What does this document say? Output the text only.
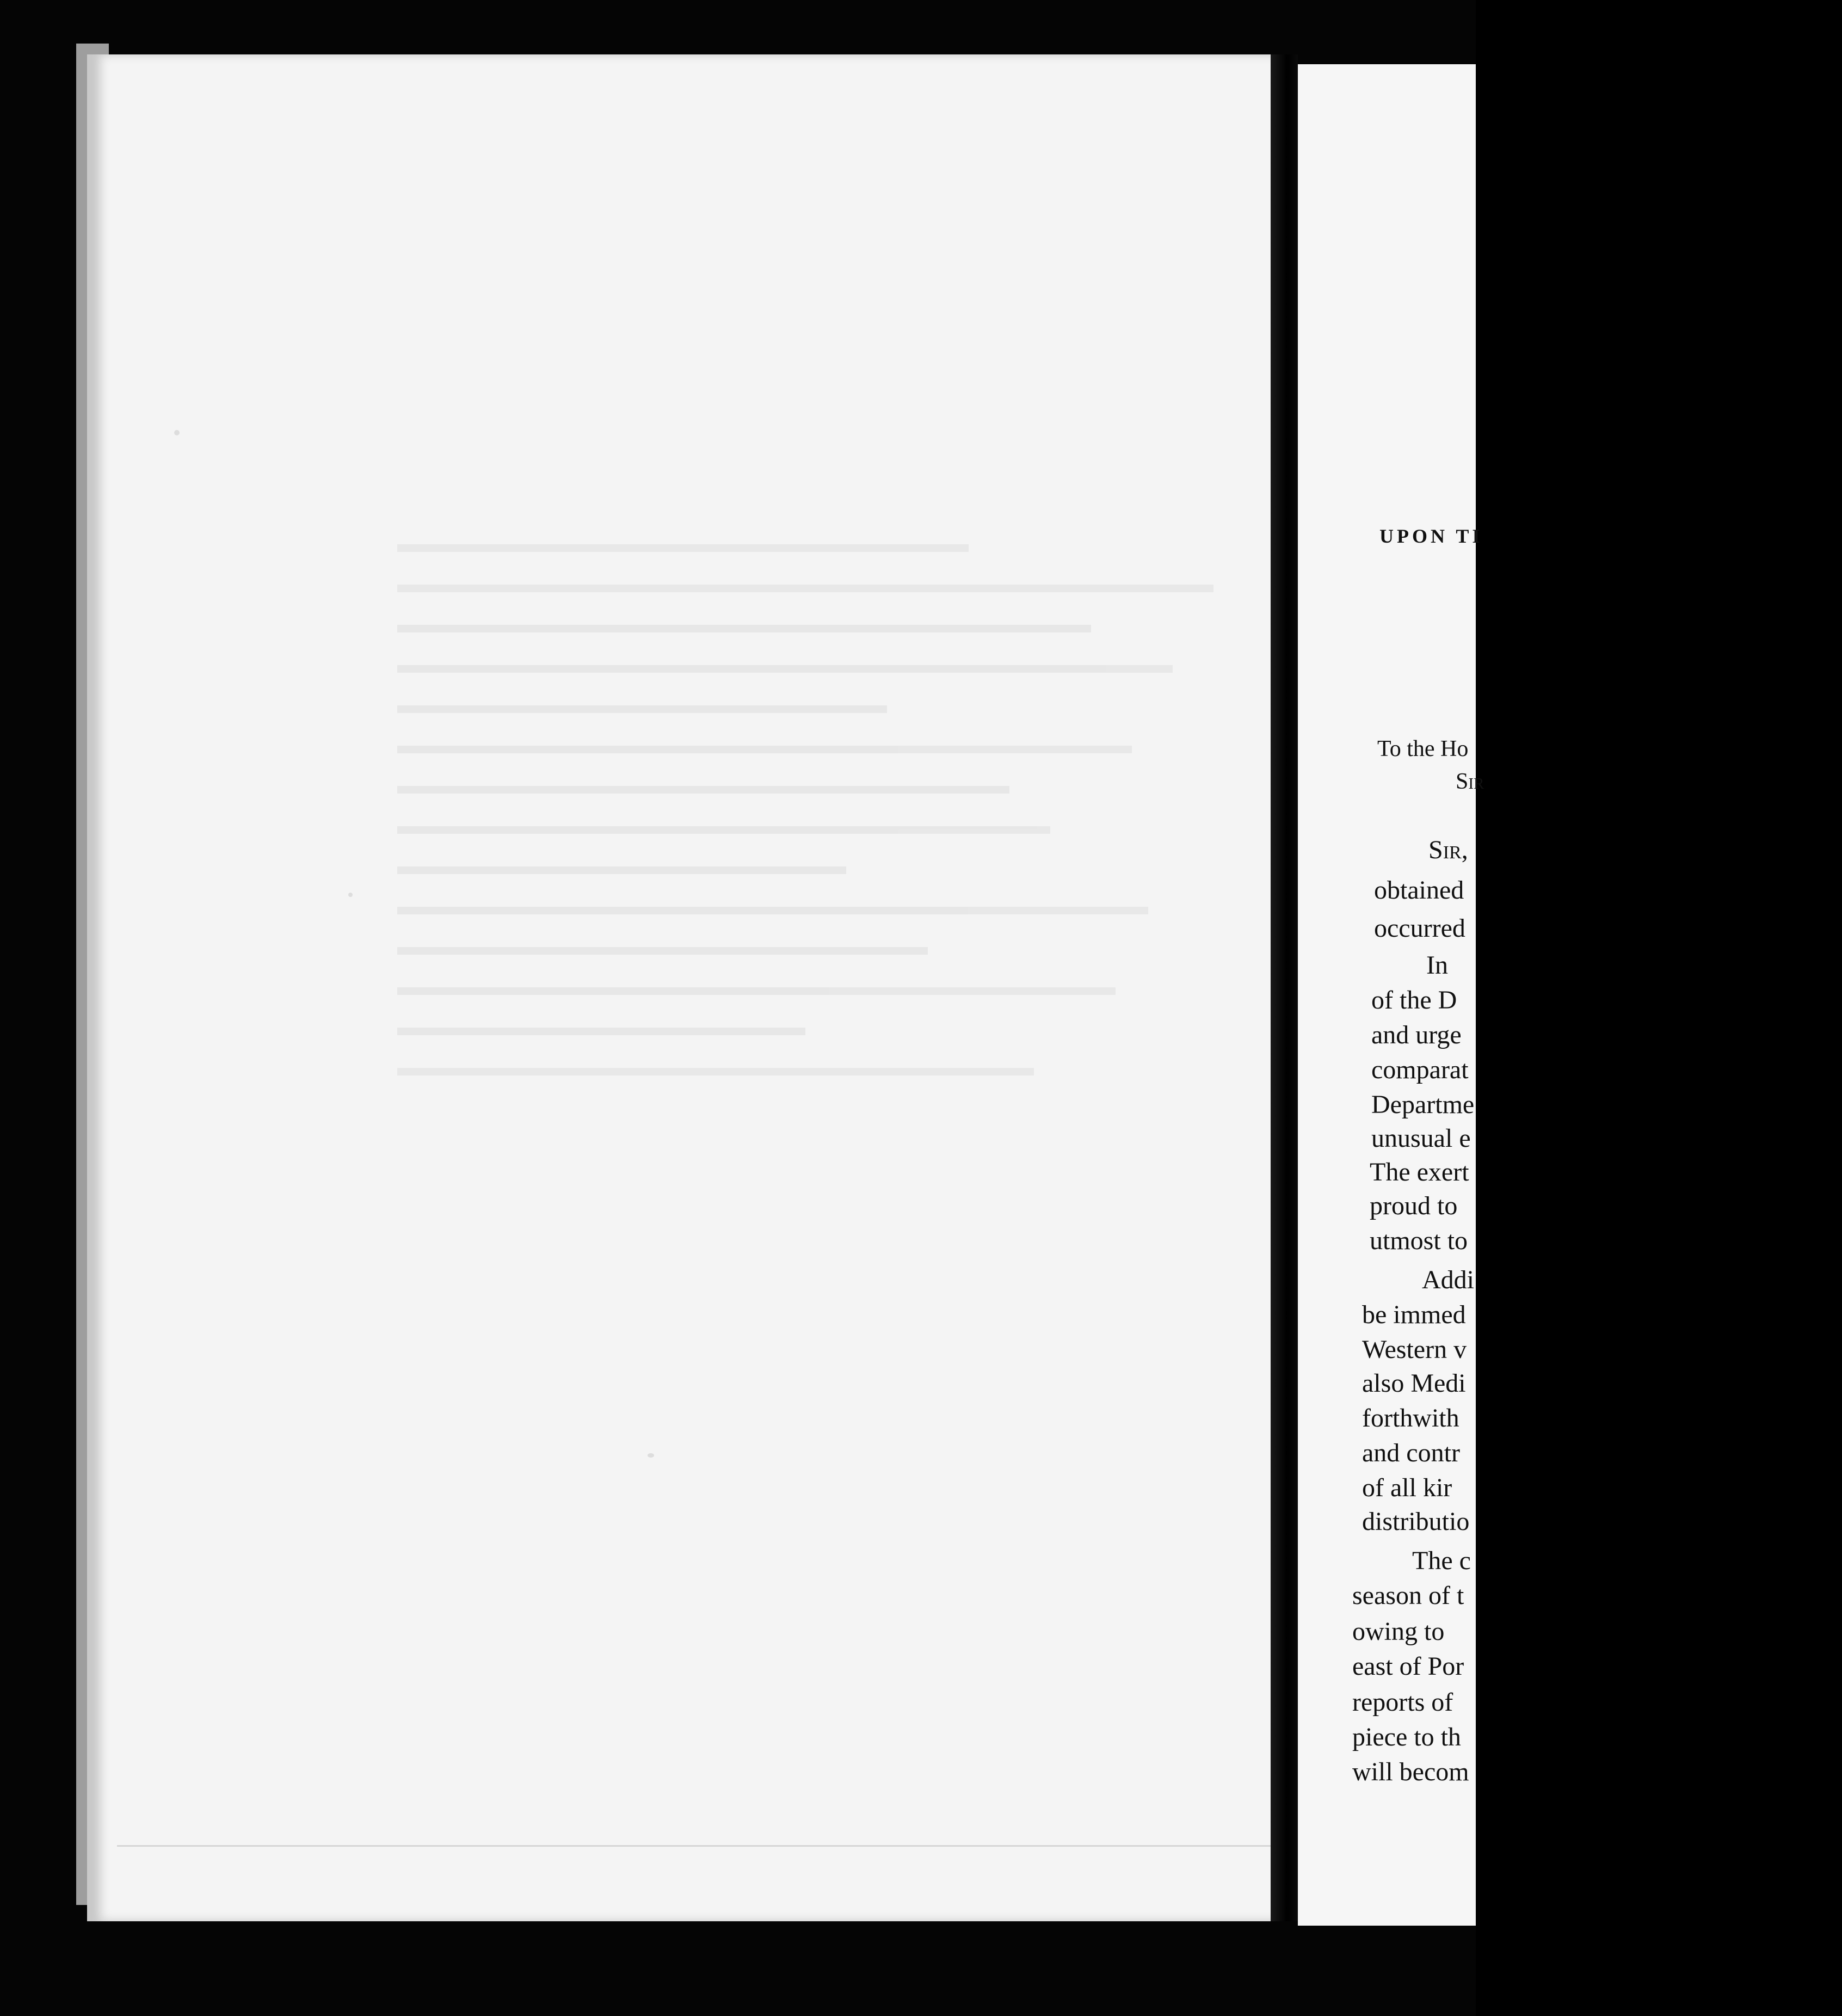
UPON TI
To the Ho
Sir
Sir,
obtained
occurred
In
of the D
and urge
comparat
Departme
unusual e
The exert
proud to
utmost to
Addi
be immed
Western v
also Medi
forthwith
and contr
of all kir
distributio
The c
season of t
owing to
east of Por
reports of
piece to th
will becom
